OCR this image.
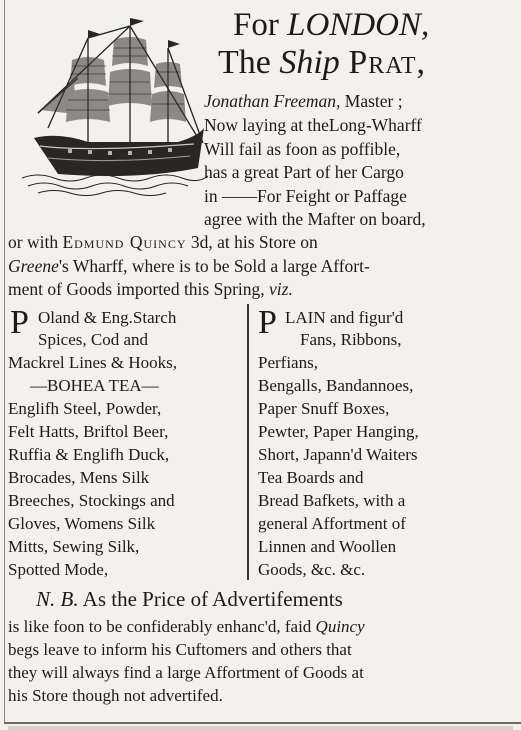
For LONDON,
The Ship Prat,
Jonathan Freeman, Master ;
Now laying at theLong-Wharff
Will fail as foon as poffible,
has a great Part of her Cargo
in ——For Feight or Paffage
agree with the Mafter on board,
or with Edmund Quincy 3d, at his Store on
Greene's Wharff, where is to be Sold a large Affort-
ment of Goods imported this Spring, viz.
P Oland & Eng.Starch
Spices, Cod and
Mackrel Lines & Hooks,
—BOHEA TEA—
Englifh Steel, Powder,
Felt Hatts, Briftol Beer,
Ruffia & Englifh Duck,
Brocades, Mens Silk
Breeches, Stockings and
Gloves, Womens Silk
Mitts, Sewing Silk,
Spotted Mode,
P LAIN and figur'd
Fans, Ribbons,
Perfians,
Bengalls, Bandannoes,
Paper Snuff Boxes,
Pewter, Paper Hanging,
Short, Japann'd Waiters
Tea Boards and
Bread Bafkets, with a
general Affortment of
Linnen and Woollen
Goods, &c. &c.
N. B. As the Price of Advertifements
is like foon to be confiderably enhanc'd, faid Quincy
begs leave to inform his Cuftomers and others that
they will always find a large Affortment of Goods at
his Store though not advertifed.
